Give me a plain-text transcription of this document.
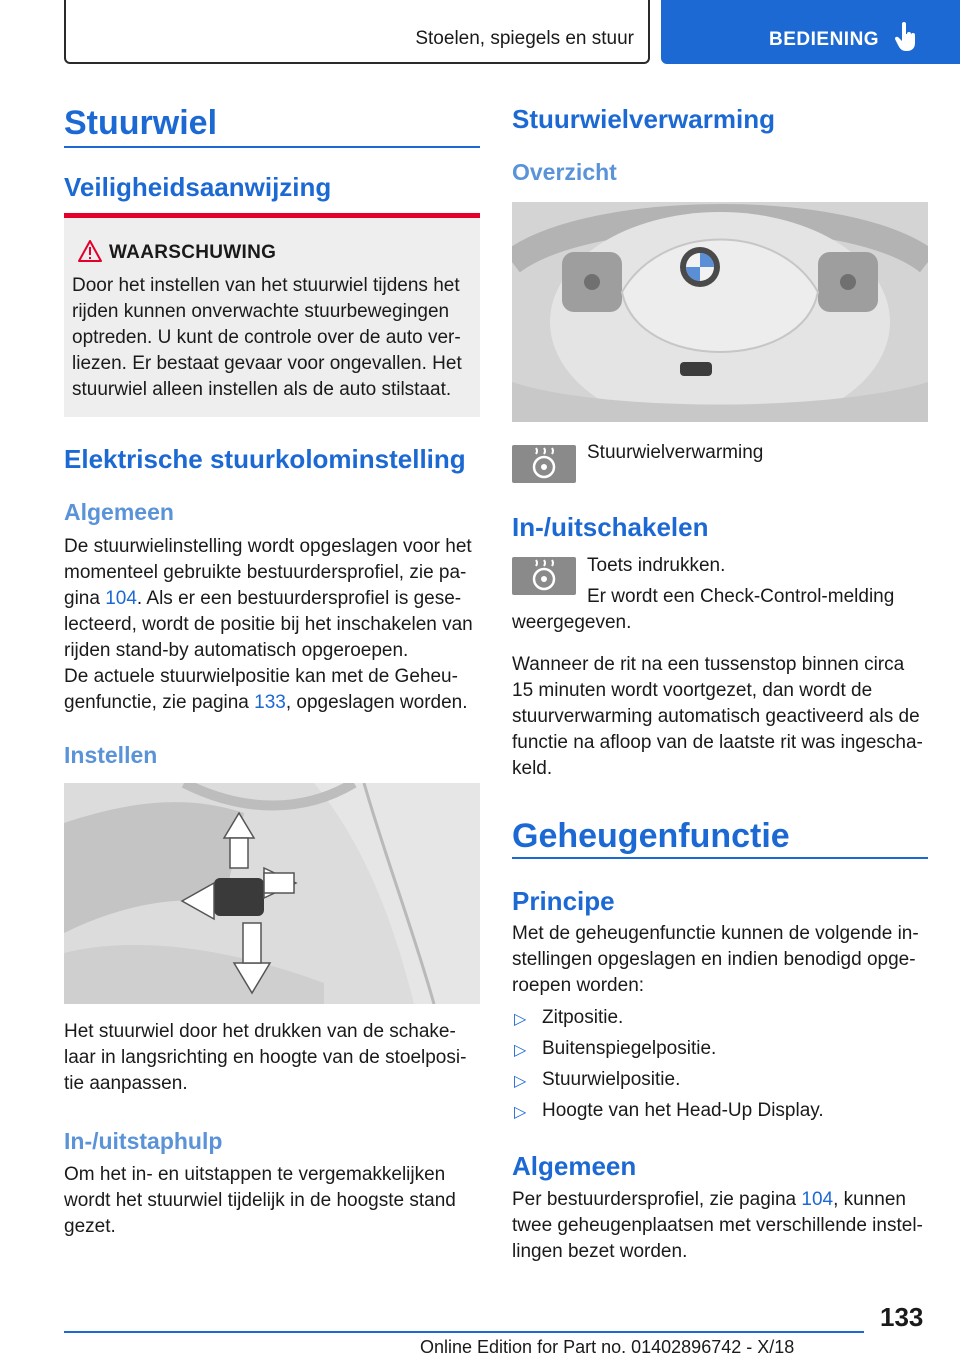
Stoelen, spiegels en stuur	BEDIENING
Stuurwiel
Veiligheidsaanwijzing
WAARSCHUWING
Door het instellen van het stuurwiel tijdens het rijden kunnen onverwachte stuurbewegingen optreden. U kunt de controle over de auto ver-liezen. Er bestaat gevaar voor ongevallen. Het stuurwiel alleen instellen als de auto stilstaat.
Elektrische stuurkolominstelling
Algemeen
De stuurwielinstelling wordt opgeslagen voor het momenteel gebruikte bestuurdersprofiel, zie pa-gina 104. Als er een bestuurdersprofiel is gese-lecteerd, wordt de positie bij het inschakelen van rijden stand-by automatisch opgeroepen.
De actuele stuurwielpositie kan met de Geheu-genfunctie, zie pagina 133, opgeslagen worden.
Instellen
Het stuurwiel door het drukken van de schake-laar in langsrichting en hoogte van de stoelposi-tie aanpassen.
In-/uitstaphulp
Om het in- en uitstappen te vergemakkelijken wordt het stuurwiel tijdelijk in de hoogste stand gezet.
Stuurwielverwarming
Overzicht
Stuurwielverwarming
In-/uitschakelen
Toets indrukken.
Er wordt een Check-Control-melding weergegeven.
Wanneer de rit na een tussenstop binnen circa 15 minuten wordt voortgezet, dan wordt de stuurverwarming automatisch geactiveerd als de functie na afloop van de laatste rit was ingescha-keld.
Geheugenfunctie
Principe
Met de geheugenfunctie kunnen de volgende in-stellingen opgeslagen en indien benodigd opge-roepen worden:
▷ Zitpositie.
▷ Buitenspiegelpositie.
▷ Stuurwielpositie.
▷ Hoogte van het Head-Up Display.
Algemeen
Per bestuurdersprofiel, zie pagina 104, kunnen twee geheugenplaatsen met verschillende instel-lingen bezet worden.
133
Online Edition for Part no. 01402896742 - X/18
